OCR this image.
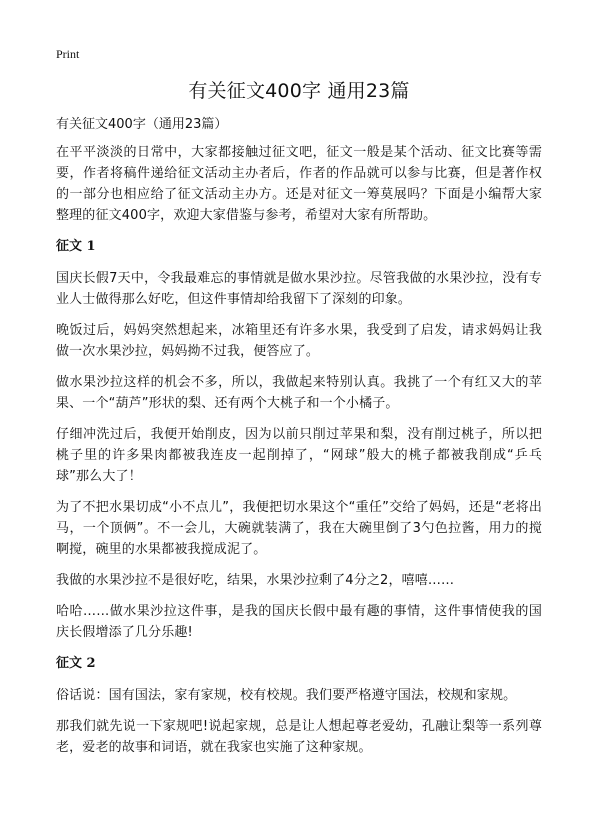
Print
有关征文400字 通用23篇
有关征文400字（通用23篇）

在平平淡淡的日常中，大家都接触过征文吧，征文一般是某个活动、征文比赛等需要，作者将稿件递给征文活动主办者后，作者的作品就可以参与比赛，但是著作权的一部分也相应给了征文活动主办方。还是对征文一筹莫展吗？下面是小编帮大家整理的征文400字，欢迎大家借鉴与参考，希望对大家有所帮助。

征文 1

国庆长假7天中，令我最难忘的事情就是做水果沙拉。尽管我做的水果沙拉，没有专业人士做得那么好吃，但这件事情却给我留下了深刻的印象。

晚饭过后，妈妈突然想起来，冰箱里还有许多水果，我受到了启发，请求妈妈让我做一次水果沙拉，妈妈拗不过我，便答应了。

做水果沙拉这样的机会不多，所以，我做起来特别认真。我挑了一个有红又大的苹果、一个“葫芦”形状的梨、还有两个大桃子和一个小橘子。

仔细冲洗过后，我便开始削皮，因为以前只削过苹果和梨，没有削过桃子，所以把桃子里的许多果肉都被我连皮一起削掉了，“网球”般大的桃子都被我削成“乒乓球”那么大了！

为了不把水果切成“小不点儿”，我便把切水果这个“重任”交给了妈妈，还是“老将出马，一个顶俩”。不一会儿，大碗就装满了，我在大碗里倒了3勺色拉酱，用力的搅啊搅，碗里的水果都被我搅成泥了。

我做的水果沙拉不是很好吃，结果，水果沙拉剩了4分之2，嘻嘻……

哈哈……做水果沙拉这件事，是我的国庆长假中最有趣的事情，这件事情使我的国庆长假增添了几分乐趣!

征文 2

俗话说：国有国法，家有家规，校有校规。我们要严格遵守国法，校规和家规。

那我们就先说一下家规吧!说起家规，总是让人想起尊老爱幼，孔融让梨等一系列尊老，爱老的故事和词语，就在我家也实施了这种家规。
